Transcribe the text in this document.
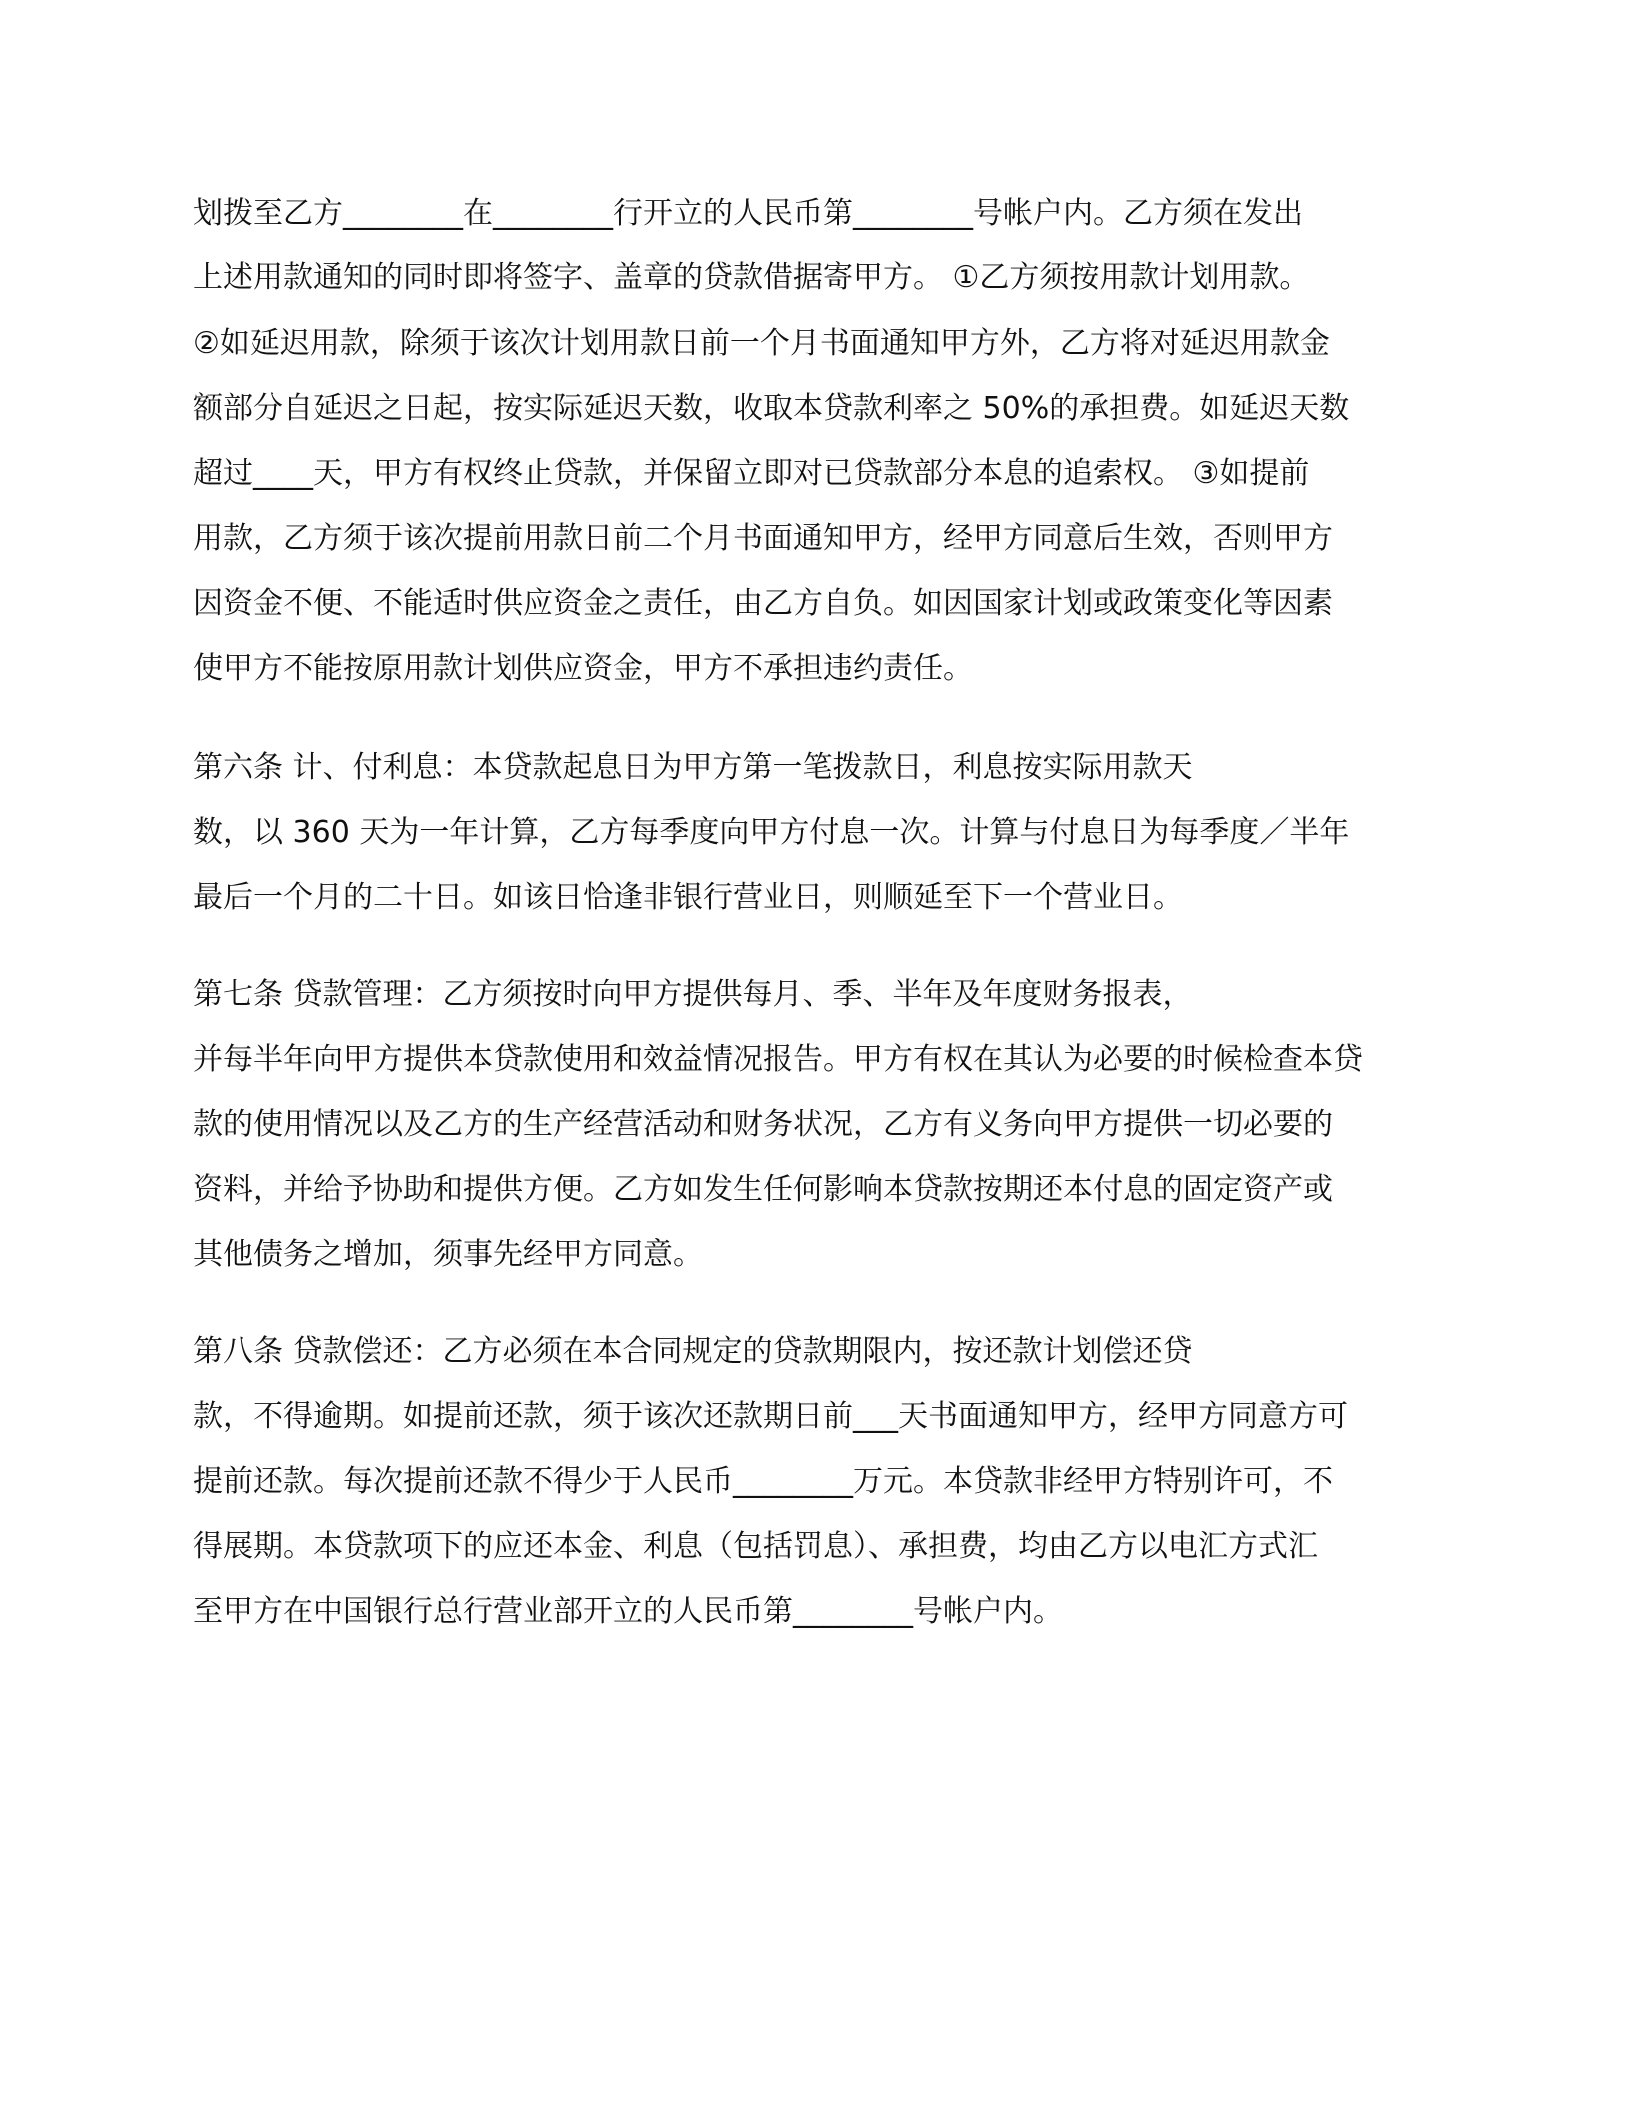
划拨至乙方________在________行开立的人民币第________号帐户内。乙方须在发出
上述用款通知的同时即将签字、盖章的贷款借据寄甲方。 ①乙方须按用款计划用款。
②如延迟用款，除须于该次计划用款日前一个月书面通知甲方外，乙方将对延迟用款金
额部分自延迟之日起，按实际延迟天数，收取本贷款利率之 50%的承担费。如延迟天数
超过____天，甲方有权终止贷款，并保留立即对已贷款部分本息的追索权。 ③如提前
用款，乙方须于该次提前用款日前二个月书面通知甲方，经甲方同意后生效，否则甲方
因资金不便、不能适时供应资金之责任，由乙方自负。如因国家计划或政策变化等因素
使甲方不能按原用款计划供应资金，甲方不承担违约责任。
第六条 计、付利息：本贷款起息日为甲方第一笔拨款日，利息按实际用款天
数，以 360 天为一年计算，乙方每季度向甲方付息一次。计算与付息日为每季度／半年
最后一个月的二十日。如该日恰逢非银行营业日，则顺延至下一个营业日。
第七条 贷款管理：乙方须按时向甲方提供每月、季、半年及年度财务报表，
并每半年向甲方提供本贷款使用和效益情况报告。甲方有权在其认为必要的时候检查本贷
款的使用情况以及乙方的生产经营活动和财务状况，乙方有义务向甲方提供一切必要的
资料，并给予协助和提供方便。乙方如发生任何影响本贷款按期还本付息的固定资产或
其他债务之增加，须事先经甲方同意。
第八条 贷款偿还：乙方必须在本合同规定的贷款期限内，按还款计划偿还贷
款，不得逾期。如提前还款，须于该次还款期日前___天书面通知甲方，经甲方同意方可
提前还款。每次提前还款不得少于人民币________万元。本贷款非经甲方特别许可，不
得展期。本贷款项下的应还本金、利息（包括罚息）、承担费，均由乙方以电汇方式汇
至甲方在中国银行总行营业部开立的人民币第________号帐户内。
